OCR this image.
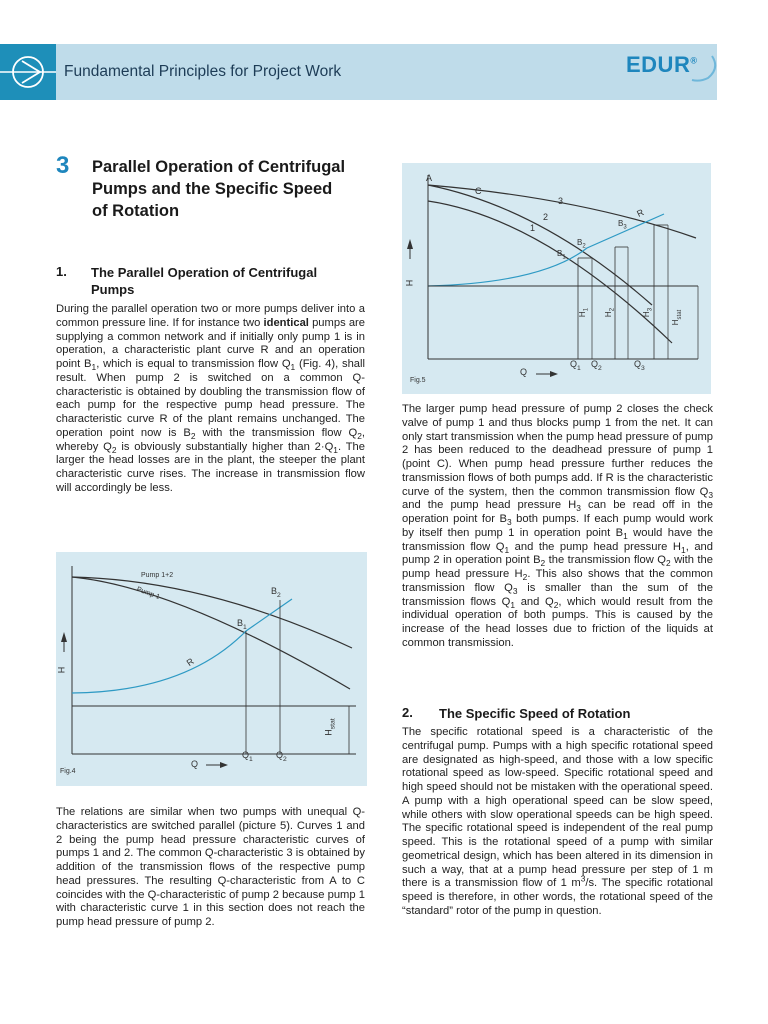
Fundamental Principles for Project Work	EDUR®
3 Parallel Operation of Centrifugal Pumps and the Specific Speed of Rotation
1. The Parallel Operation of Centrifugal Pumps
During the parallel operation two or more pumps deliver into a common pressure line. If for instance two identical pumps are supplying a common network and if initially only pump 1 is in operation, a characteristic plant curve R and an operation point $B_1$, which is equal to transmission flow $Q_1$ (Fig. 4), shall result. When pump 2 is switched on a common Q-characteristic is obtained by doubling the transmission flow of each pump for the respective pump head pressure. The characteristic curve R of the plant remains unchanged. The operation point now is $B_2$ with the transmission flow $Q_2$, whereby $Q_2$ is obviously substantially higher than $2\cdot Q_1$. The larger the head losses are in the plant, the steeper the plant characteristic curve rises. The increase in transmission flow will accordingly be less.
Pump 1+2
Pump 1	$B_2$
$B_1$
R
H
$H_{stat}$
Q
$Q_1$	$Q_2$
Fig.4
The relations are similar when two pumps with unequal Q-characteristics are switched parallel (picture 5). Curves 1 and 2 being the pump head pressure characteristic curves of pumps 1 and 2. The common Q-characteristic 3 is obtained by addition of the transmission flows of the respective pump head pressures. The resulting Q-characteristic from A to C coincides with the Q-characteristic of pump 2 because pump 1 with characteristic curve 1 in this section does not reach the pump head pressure of pump 2.
A
C
3
2
1
R
$B_3$
$B_2$
$B_1$
H
$H_1$
$H_2$
$H_3$
$H_{stat}$
Q
$Q_1$ $Q_2$	$Q_3$
Fig.5
The larger pump head pressure of pump 2 closes the check valve of pump 1 and thus blocks pump 1 from the net. It can only start transmission when the pump head pressure of pump 2 has been reduced to the deadhead pressure of pump 1 (point C). When pump head pressure further reduces the transmission flows of both pumps add. If R is the characteristic curve of the system, then the common transmission flow $Q_3$ and the pump head pressure $H_3$ can be read off in the operation point for $B_3$ both pumps. If each pump would work by itself then pump 1 in operation point $B_1$ would have the transmission flow $Q_1$ and the pump head pressure $H_1$, and pump 2 in operation point $B_2$ the transmission flow $Q_2$ with the pump head pressure $H_2$. This also shows that the common transmission flow $Q_3$ is smaller than the sum of the transmission flows $Q_1$ and $Q_2$, which would result from the individual operation of both pumps. This is caused by the increase of the head losses due to friction of the liquids at common transmission.
2. The Specific Speed of Rotation
The specific rotational speed is a characteristic of the centrifugal pump. Pumps with a high specific rotational speed are designated as high-speed, and those with a low specific rotational speed as low-speed. Specific rotational speed and high speed should not be mistaken with the operational speed. A pump with a high operational speed can be slow speed, while others with slow operational speeds can be high speed. The specific rotational speed is independent of the real pump speed. This is the rotational speed of a pump with similar geometrical design, which has been altered in its dimension in such a way, that at a pump head pressure per step of 1 m there is a transmission flow of 1 $m^3/s$. The specific rotational speed is therefore, in other words, the rotational speed of the “standard” rotor of the pump in question.
